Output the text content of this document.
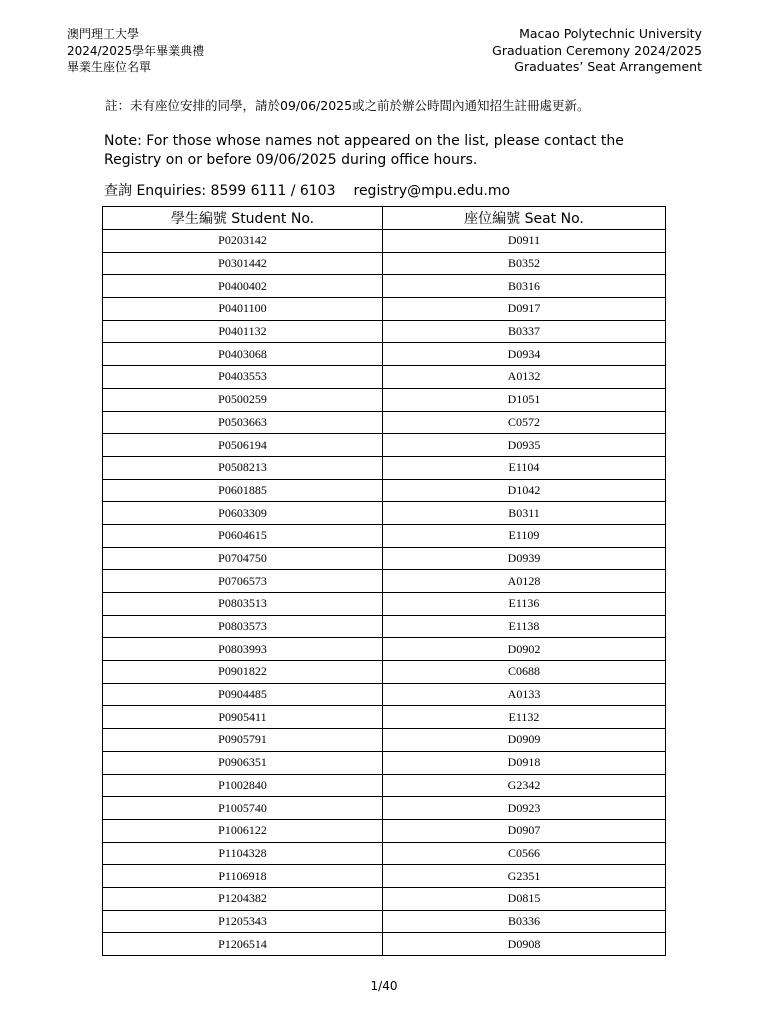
澳門理工大學
2024/2025學年畢業典禮
畢業生座位名單
Macao Polytechnic University
Graduation Ceremony 2024/2025
Graduates’ Seat Arrangement
註：未有座位安排的同學，請於09/06/2025或之前於辦公時間內通知招生註冊處更新。
Note: For those whose names not appeared on the list, please contact the Registry on or before 09/06/2025 during office hours.
查詢 Enquiries: 8599 6111 / 6103 registry@mpu.edu.mo
學生編號 Student No.	座位編號 Seat No.
P0203142	D0911
P0301442	B0352
P0400402	B0316
P0401100	D0917
P0401132	B0337
P0403068	D0934
P0403553	A0132
P0500259	D1051
P0503663	C0572
P0506194	D0935
P0508213	E1104
P0601885	D1042
P0603309	B0311
P0604615	E1109
P0704750	D0939
P0706573	A0128
P0803513	E1136
P0803573	E1138
P0803993	D0902
P0901822	C0688
P0904485	A0133
P0905411	E1132
P0905791	D0909
P0906351	D0918
P1002840	G2342
P1005740	D0923
P1006122	D0907
P1104328	C0566
P1106918	G2351
P1204382	D0815
P1205343	B0336
P1206514	D0908
1/40
